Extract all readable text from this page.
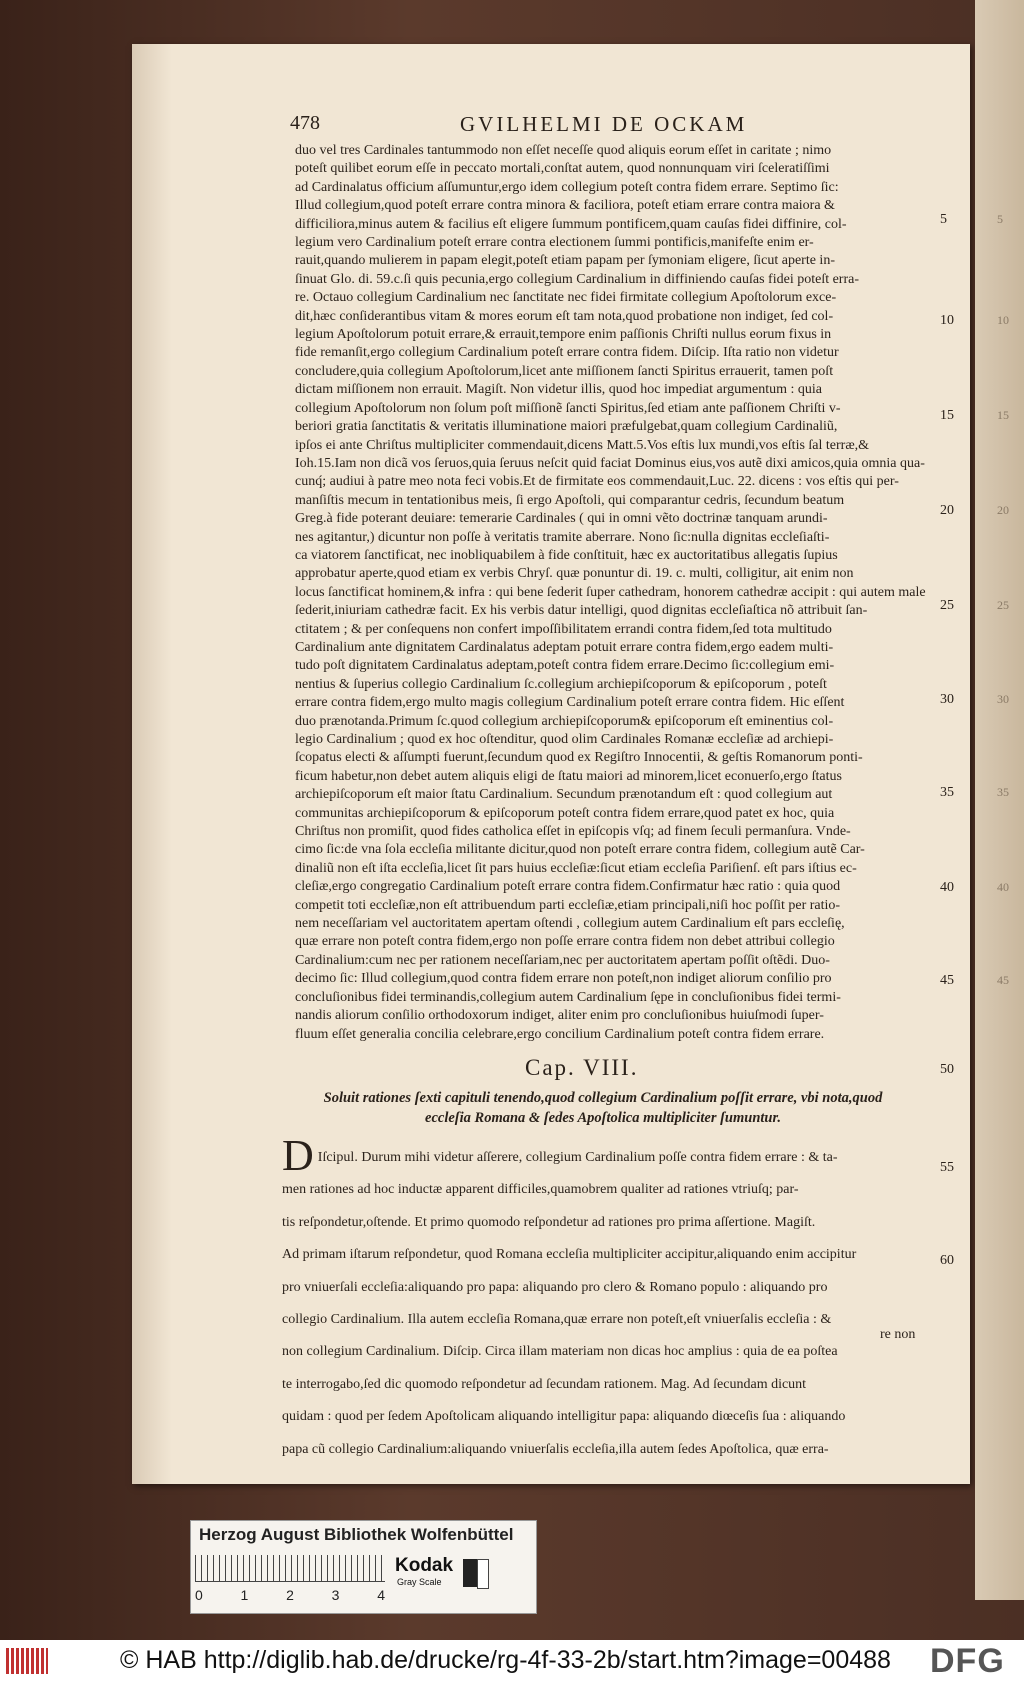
5
10
15
20
25
30
35
40
45
478	GVILHELMI DE OCKAM

duo vel tres Cardinales tantummodo non eſſet neceſſe quod aliquis eorum eſſet in caritate ; nimo

poteſt quilibet eorum eſſe in peccato mortali,conſtat autem, quod nonnunquam viri ſceleratiſſimi

ad Cardinalatus officium aſſumuntur,ergo idem collegium poteſt contra fidem errare. Septimo ſic:

Illud collegium,quod poteſt errare contra minora & faciliora, poteſt etiam errare contra maiora &

difficiliora,minus autem & facilius eſt eligere ſummum pontificem,quam cauſas fidei diffinire, col-

legium vero Cardinalium poteſt errare contra electionem ſummi pontificis,manifeſte enim er-

rauit,quando mulierem in papam elegit,poteſt etiam papam per ſymoniam eligere, ſicut aperte in-

ſinuat Glo. di. 59.c.ſi quis pecunia,ergo collegium Cardinalium in diffiniendo cauſas fidei poteſt erra-

re. Octauo collegium Cardinalium nec ſanctitate nec fidei firmitate collegium Apoſtolorum exce-

dit,hæc conſiderantibus vitam & mores eorum eſt tam nota,quod probatione non indiget, ſed col-

legium Apoſtolorum potuit errare,& errauit,tempore enim paſſionis Chriſti nullus eorum fixus in

fide remanſit,ergo collegium Cardinalium poteſt errare contra fidem. Diſcip. Iſta ratio non videtur

concludere,quia collegium Apoſtolorum,licet ante miſſionem ſancti Spiritus errauerit, tamen poſt

dictam miſſionem non errauit. Magiſt. Non videtur illis, quod hoc impediat argumentum : quia

collegium Apoſtolorum non ſolum poſt miſſionẽ ſancti Spiritus,ſed etiam ante paſſionem Chriſti v-

beriori gratia ſanctitatis & veritatis illuminatione maiori præfulgebat,quam collegium Cardinaliũ,

ipſos ei ante Chriſtus multipliciter commendauit,dicens Matt.5.Vos eſtis lux mundi,vos eſtis ſal terræ,&

Ioh.15.Iam non dicã vos ſeruos,quia ſeruus neſcit quid faciat Dominus eius,vos autẽ dixi amicos,quia omnia qua-

cunq́; audiui à patre meo nota feci vobis.Et de firmitate eos commendauit,Luc. 22. dicens : vos eſtis qui per-

manſiſtis mecum in tentationibus meis, ſi ergo Apoſtoli, qui comparantur cedris, ſecundum beatum

Greg.à fide poterant deuiare: temerarie Cardinales ( qui in omni vẽto doctrinæ tanquam arundi-

nes agitantur,) dicuntur non poſſe à veritatis tramite aberrare. Nono ſic:nulla dignitas eccleſiaſti-

ca viatorem ſanctificat, nec inobliquabilem à fide conſtituit, hæc ex auctoritatibus allegatis ſupius

approbatur aperte,quod etiam ex verbis Chryſ. quæ ponuntur di. 19. c. multi, colligitur, ait enim non

locus ſanctificat hominem,& infra : qui bene ſederit ſuper cathedram, honorem cathedræ accipit : qui autem male

ſederit,iniuriam cathedræ facit. Ex his verbis datur intelligi, quod dignitas eccleſiaſtica nõ attribuit ſan-

ctitatem ; & per conſequens non confert impoſſibilitatem errandi contra fidem,ſed tota multitudo

Cardinalium ante dignitatem Cardinalatus adeptam potuit errare contra fidem,ergo eadem multi-

tudo poſt dignitatem Cardinalatus adeptam,poteſt contra fidem errare.Decimo ſic:collegium emi-

nentius & ſuperius collegio Cardinalium ſc.collegium archiepiſcoporum & epiſcoporum , poteſt

errare contra fidem,ergo multo magis collegium Cardinalium poteſt errare contra fidem. Hic eſſent

duo prænotanda.Primum ſc.quod collegium archiepiſcoporum& epiſcoporum eſt eminentius col-

legio Cardinalium ; quod ex hoc oſtenditur, quod olim Cardinales Romanæ eccleſiæ ad archiepi-

ſcopatus electi & aſſumpti fuerunt,ſecundum quod ex Regiſtro Innocentii, & geſtis Romanorum ponti-

ficum habetur,non debet autem aliquis eligi de ſtatu maiori ad minorem,licet econuerſo,ergo ſtatus

archiepiſcoporum eſt maior ſtatu Cardinalium. Secundum prænotandum eſt : quod collegium aut

communitas archiepiſcoporum & epiſcoporum poteſt contra fidem errare,quod patet ex hoc, quia

Chriſtus non promiſit, quod fides catholica eſſet in epiſcopis vſq; ad finem ſeculi permanſura. Vnde-

cimo ſic:de vna ſola eccleſia militante dicitur,quod non poteſt errare contra fidem, collegium autẽ Car-

dinaliũ non eſt iſta eccleſia,licet ſit pars huius eccleſiæ:ſicut etiam eccleſia Pariſienſ. eſt pars iſtius ec-

cleſiæ,ergo congregatio Cardinalium poteſt errare contra fidem.Confirmatur hæc ratio : quia quod

competit toti eccleſiæ,non eſt attribuendum parti eccleſiæ,etiam principali,niſi hoc poſſit per ratio-

nem neceſſariam vel auctoritatem apertam oſtendi , collegium autem Cardinalium eſt pars eccleſię,

quæ errare non poteſt contra fidem,ergo non poſſe errare contra fidem non debet attribui collegio

Cardinalium:cum nec per rationem neceſſariam,nec per auctoritatem apertam poſſit oſtẽdi. Duo-

decimo ſic: Illud collegium,quod contra fidem errare non poteſt,non indiget aliorum conſilio pro

concluſionibus fidei terminandis,collegium autem Cardinalium ſępe in concluſionibus fidei termi-

nandis aliorum conſilio orthodoxorum indiget, aliter enim pro concluſionibus huiuſmodi ſuper-

fluum eſſet generalia concilia celebrare,ergo concilium Cardinalium poteſt contra fidem errare.

Cap. VIII.
Soluit rationes ſexti capituli tenendo,quod collegium Cardinalium poſſit errare, vbi nota,quod eccleſia Romana & ſedes Apoſtolica multipliciter ſumuntur.
D Iſcipul. Durum mihi videtur aſſerere, collegium Cardinalium poſſe contra fidem errare : & ta-

men rationes ad hoc inductæ apparent difficiles,quamobrem qualiter ad rationes vtriuſq; par-

tis reſpondetur,oſtende. Et primo quomodo reſpondetur ad rationes pro prima aſſertione. Magiſt.

Ad primam iſtarum reſpondetur, quod Romana eccleſia multipliciter accipitur,aliquando enim accipitur

pro vniuerſali eccleſia:aliquando pro papa: aliquando pro clero & Romano populo : aliquando pro

collegio Cardinalium. Illa autem eccleſia Romana,quæ errare non poteſt,eſt vniuerſalis eccleſia : &

non collegium Cardinalium. Diſcip. Circa illam materiam non dicas hoc amplius : quia de ea poſtea

te interrogabo,ſed dic quomodo reſpondetur ad ſecundam rationem. Mag. Ad ſecundam dicunt

quidam : quod per ſedem Apoſtolicam aliquando intelligitur papa: aliquando diœceſis ſua : aliquando

papa cũ collegio Cardinalium:aliquando vniuerſalis eccleſia,illa autem ſedes Apoſtolica, quæ erra-

re non
5
10
15
20
25
30
35
40
45
50
55
60
Herzog August Bibliothek Wolfenbüttel
0	1	2	3	4
Kodak
Gray Scale
© HAB http://diglib.hab.de/drucke/rg-4f-33-2b/start.htm?image=00488 DFG
